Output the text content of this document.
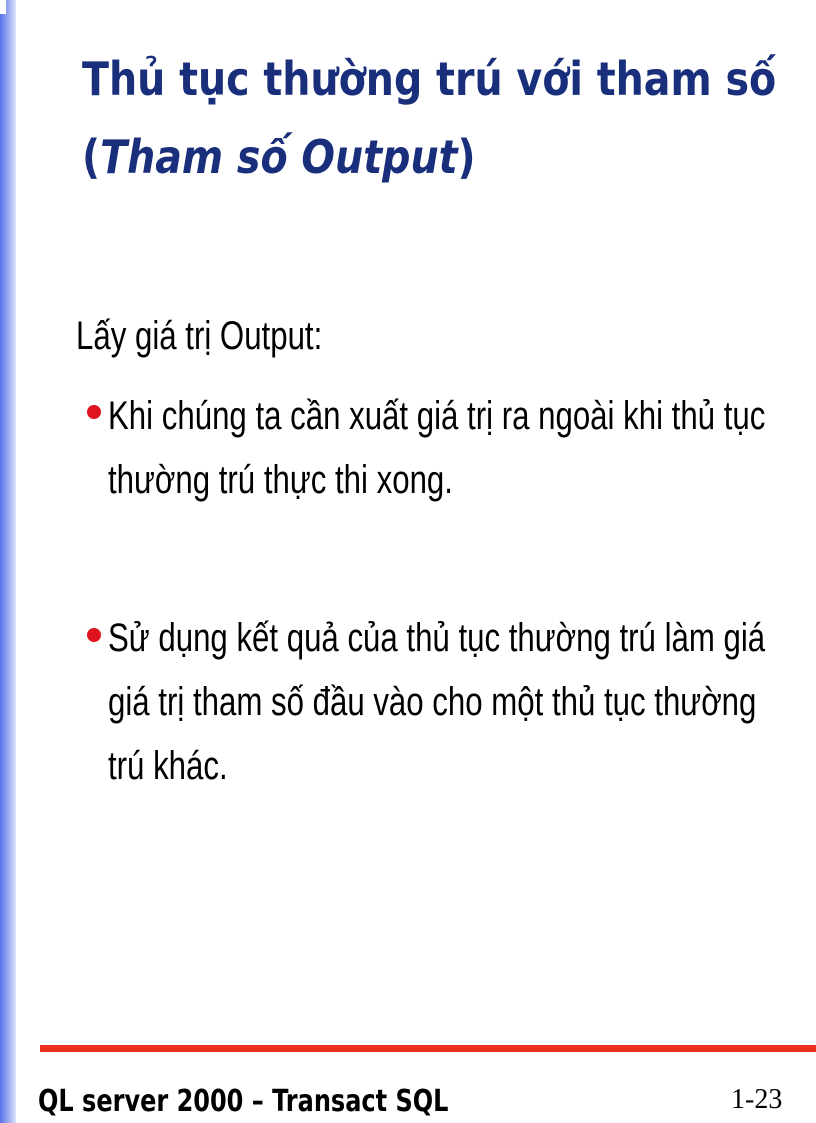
Thủ tục thường trú với tham số
(Tham số Output)
Lấy giá trị Output:
Khi chúng ta cần xuất giá trị ra ngoài khi thủ tục
thường trú thực thi xong.
Sử dụng kết quả của thủ tục thường trú làm giá
giá trị tham số đầu vào cho một thủ tục thường
trú khác.
QL server 2000 – Transact SQL	1-23
